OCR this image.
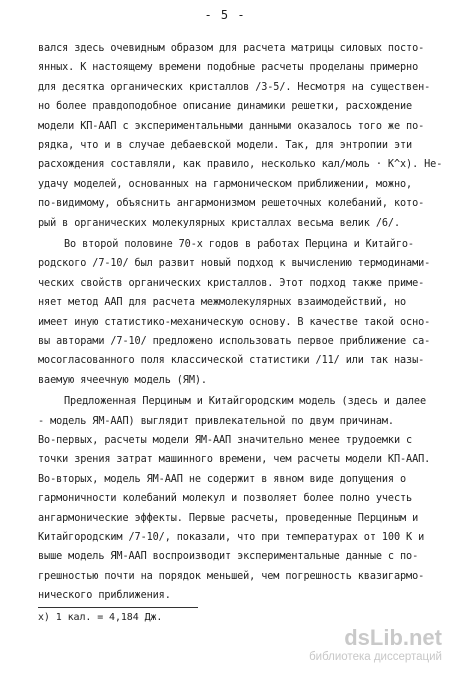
- 5 -
вался здесь очевидным образом для расчета матрицы силовых посто-
янных. К настоящему времени подобные расчеты проделаны примерно
для десятка органических кристаллов /3-5/. Несмотря на существен-
но более правдоподобное описание динамики решетки, расхождение
модели КП-ААП с экспериментальными данными оказалось того же по-
рядка, что и в случае дебаевской модели. Так, для энтропии эти
расхождения составляли, как правило, несколько кал/моль · К^х). Не-
удачу моделей, основанных на гармоническом приближении, можно,
по-видимому, объяснить ангармонизмом решеточных колебаний, кото-
рый в органических молекулярных кристаллах весьма велик /6/.
Во второй половине 70-х годов в работах Перцина и Китайго-
родского /7-10/ был развит новый подход к вычислению термодинами-
ческих свойств органических кристаллов. Этот подход также приме-
няет метод ААП для расчета межмолекулярных взаимодействий, но
имеет иную статистико-механическую основу. В качестве такой осно-
вы авторами /7-10/ предложено использовать первое приближение са-
мосогласованного поля классической статистики /11/ или так назы-
ваемую ячеечную модель (ЯМ).
Предложенная Перциным и Китайгородским модель (здесь и далее
- модель ЯМ-ААП) выглядит привлекательной по двум причинам.
Во-первых, расчеты модели ЯМ-ААП значительно менее трудоемки с
точки зрения затрат машинного времени, чем расчеты модели КП-ААП.
Во-вторых, модель ЯМ-ААП не содержит в явном виде допущения о
гармоничности колебаний молекул и позволяет более полно учесть
ангармонические эффекты. Первые расчеты, проведенные Перциным и
Китайгородским /7-10/, показали, что при температурах от 100 К и
выше модель ЯМ-ААП воспроизводит экспериментальные данные с по-
грешностью почти на порядок меньшей, чем погрешность квазигармо-
нического приближения.
х) 1 кал. = 4,184 Дж.
dsLib.net
библиотека диссертаций
